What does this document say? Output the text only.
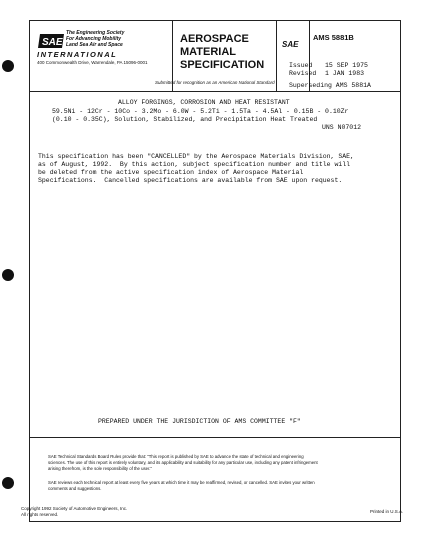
SAE
The Engineering Society
For Advancing Mobility
Land Sea Air and Space
INTERNATIONAL
400 Commonwealth Drive, Warrendale, PA 15096-0001
AEROSPACE
MATERIAL
SPECIFICATION
Submitted for recognition as an American National Standard
SAE
AMS 5881B
Issued 15 SEP 1975
Revised 1 JAN 1983
Superseding AMS 5881A
ALLOY FORGINGS, CORROSION AND HEAT RESISTANT
59.5Ni - 12Cr - 10Co - 3.2Mo - 6.0W - 5.2Ti - 1.5Ta - 4.5Al - 0.15B - 0.10Zr
(0.10 - 0.35C), Solution, Stabilized, and Precipitation Heat Treated
UNS N07012
This specification has been "CANCELLED" by the Aerospace Materials Division, SAE,
as of August, 1992.  By this action, subject specification number and title will
be deleted from the active specification index of Aerospace Material
Specifications.  Cancelled specifications are available from SAE upon request.
PREPARED UNDER THE JURISDICTION OF AMS COMMITTEE "F"
SAE Technical Standards Board Rules provide that: "This report is published by SAE to advance the state of technical and engineering
sciences. The use of this report is entirely voluntary, and its applicability and suitability for any particular use, including any patent infringement
arising therefrom, is the sole responsibility of the user."
SAE reviews each technical report at least every five years at which time it may be reaffirmed, revised, or cancelled. SAE invites your written
comments and suggestions.
Copyright 1992 Society of Automotive Engineers, Inc.
All rights reserved.
Printed in U.S.A.
